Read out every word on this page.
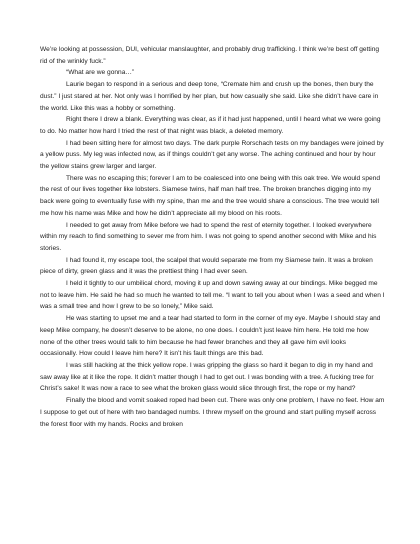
We’re looking at possession, DUI, vehicular manslaughter, and probably drug trafficking. I think we’re best off getting rid of the wrinkly fuck.”

“What are we gonna…”

Laurie began to respond in a serious and deep tone, “Cremate him and crush up the bones, then bury the dust.” I just stared at her. Not only was I horrified by her plan, but how casually she said. Like she didn’t have care in the world. Like this was a hobby or something.

Right there I drew a blank. Everything was clear, as if it had just happened, until I heard what we were going to do. No matter how hard I tried the rest of that night was black, a deleted memory.

I had been sitting here for almost two days. The dark purple Rorschach tests on my bandages were joined by a yellow puss. My leg was infected now, as if things couldn’t get any worse. The aching continued and hour by hour the yellow stains grew larger and larger.

There was no escaping this; forever I am to be coalesced into one being with this oak tree. We would spend the rest of our lives together like lobsters. Siamese twins, half man half tree. The broken branches digging into my back were going to eventually fuse with my spine, than me and the tree would share a conscious. The tree would tell me how his name was Mike and how he didn’t appreciate all my blood on his roots.

I needed to get away from Mike before we had to spend the rest of eternity together. I looked everywhere within my reach to find something to sever me from him. I was not going to spend another second with Mike and his stories.

I had found it, my escape tool, the scalpel that would separate me from my Siamese twin. It was a broken piece of dirty, green glass and it was the prettiest thing I had ever seen.

I held it tightly to our umbilical chord, moving it up and down sawing away at our bindings. Mike begged me not to leave him. He said he had so much he wanted to tell me. “I want to tell you about when I was a seed and when I was a small tree and how I grew to be so lonely,” Mike said.

He was starting to upset me and a tear had started to form in the corner of my eye. Maybe I should stay and keep Mike company, he doesn’t deserve to be alone, no one does. I couldn’t just leave him here. He told me how none of the other trees would talk to him because he had fewer branches and they all gave him evil looks occasionally. How could I leave him here? It isn’t his fault things are this bad.

I was still hacking at the thick yellow rope. I was gripping the glass so hard it began to dig in my hand and saw away like at it like the rope. It didn’t matter though I had to get out. I was bonding with a tree. A fucking tree for Christ’s sake! It was now a race to see what the broken glass would slice through first, the rope or my hand?

Finally the blood and vomit soaked roped had been cut. There was only one problem, I have no feet. How am I suppose to get out of here with two bandaged numbs. I threw myself on the ground and start pulling myself across the forest floor with my hands. Rocks and broken
